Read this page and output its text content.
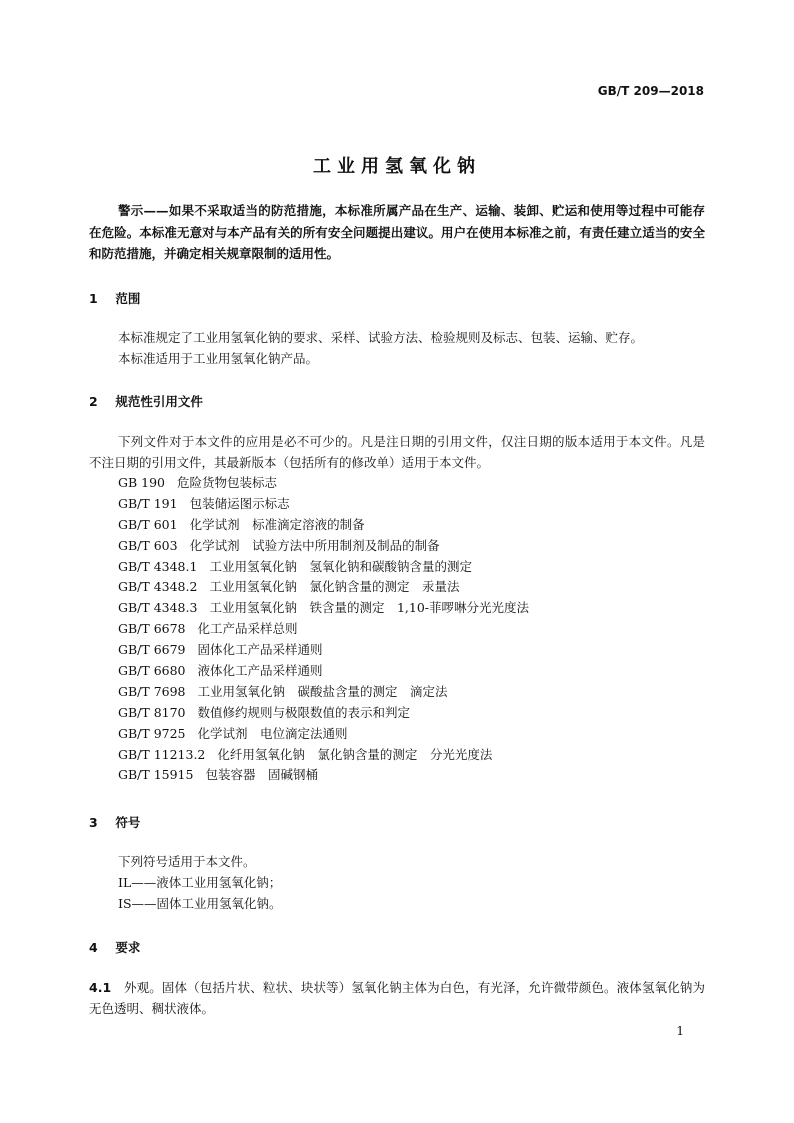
GB/T 209—2018
工业用氢氧化钠

警示——如果不采取适当的防范措施，本标准所属产品在生产、运输、装卸、贮运和使用等过程中可能存在危险。本标准无意对与本产品有关的所有安全问题提出建议。用户在使用本标准之前，有责任建立适当的安全和防范措施，并确定相关规章限制的适用性。

1 范围

本标准规定了工业用氢氧化钠的要求、采样、试验方法、检验规则及标志、包装、运输、贮存。

本标准适用于工业用氢氧化钠产品。

2 规范性引用文件

下列文件对于本文件的应用是必不可少的。凡是注日期的引用文件，仅注日期的版本适用于本文件。凡是不注日期的引用文件，其最新版本（包括所有的修改单）适用于本文件。

GB 190 危险货物包装标志
GB/T 191 包装储运图示标志
GB/T 601 化学试剂　标准滴定溶液的制备
GB/T 603 化学试剂　试验方法中所用制剂及制品的制备
GB/T 4348.1 工业用氢氧化钠　氢氧化钠和碳酸钠含量的测定
GB/T 4348.2 工业用氢氧化钠　氯化钠含量的测定　汞量法
GB/T 4348.3 工业用氢氧化钠　铁含量的测定　1,10-菲啰啉分光光度法
GB/T 6678 化工产品采样总则
GB/T 6679 固体化工产品采样通则
GB/T 6680 液体化工产品采样通则
GB/T 7698 工业用氢氧化钠　碳酸盐含量的测定　滴定法
GB/T 8170 数值修约规则与极限数值的表示和判定
GB/T 9725 化学试剂　电位滴定法通则
GB/T 11213.2 化纤用氢氧化钠　氯化钠含量的测定　分光光度法
GB/T 15915 包装容器　固碱钢桶
3 符号
下列符号适用于本文件。
IL——液体工业用氢氧化钠；
IS——固体工业用氢氧化钠。
4 要求

4.1　 外观。固体（包括片状、粒状、块状等）氢氧化钠主体为白色，有光泽，允许微带颜色。液体氢氧化钠为无色透明、稠状液体。

1
